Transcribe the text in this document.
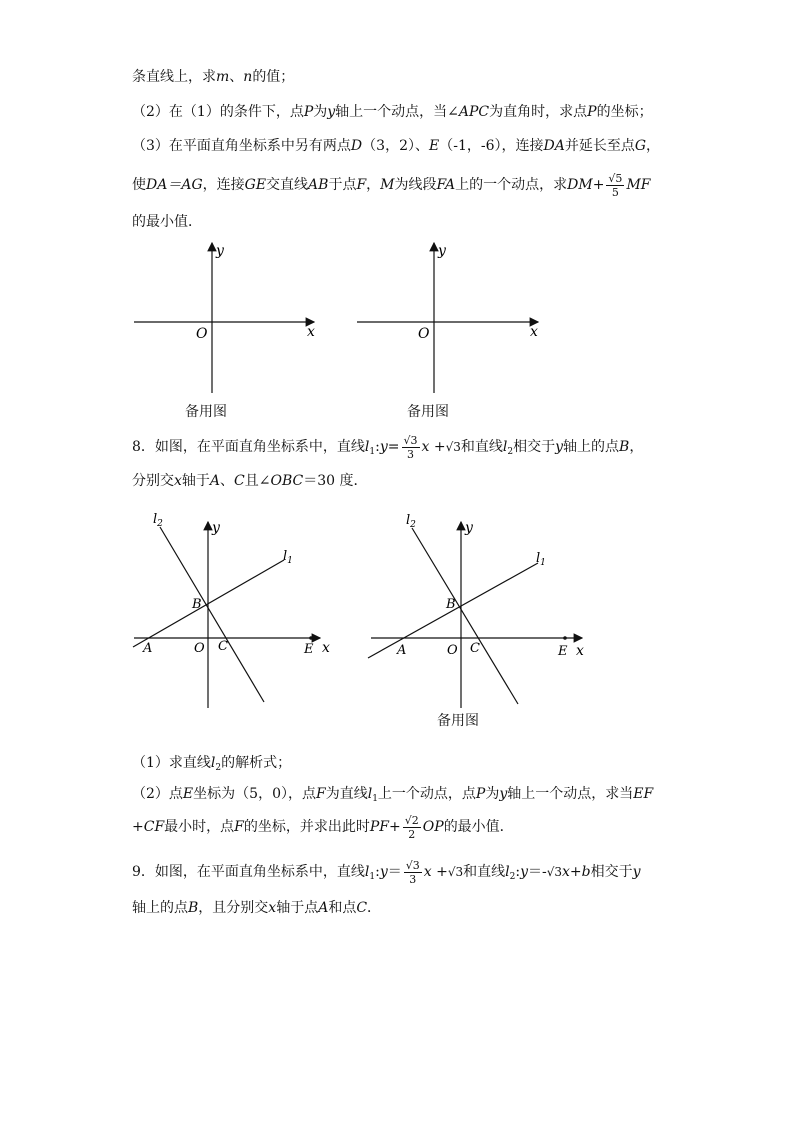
条直线上，求m、n的值；
（2）在（1）的条件下，点P为y轴上一个动点，当∠APC为直角时，求点P的坐标；
（3）在平面直角坐标系中另有两点D（3，2）、E（-1，-6），连接DA并延长至点G，
使DA＝AG，连接GE交直线AB于点F，M为线段FA上的一个动点，求$DM+ \frac{√5}{5}$ MF
的最小值．
y
x
O
y
x
O
$l_2$
$l_1$
y
x
B
A	O C	E
$l_2$
$l_1$
y
x
B
A	O C	E
备用图	备用图
备用图
8．如图，在平面直角坐标系中，直线$l_1:y= \frac{√3}{3}$ x +√3和直线$l_2$相交于y轴上的点B，
分别交x轴于A、C且∠OBC＝30 度．
（1）求直线$l_2$的解析式；
（2）点E坐标为（5，0），点F为直线$l_1$上一个动点，点P为y轴上一个动点，求当EF
+CF最小时，点F的坐标，并求出此时$PF+ \frac{√2}{2}$ OP的最小值．
9．如图，在平面直角坐标系中，直线$l_1:y= \frac{√3}{3}$ x +√3和直线$l_2:y=-√3x+b$相交于y
轴上的点B，且分别交x轴于点A和点C．
